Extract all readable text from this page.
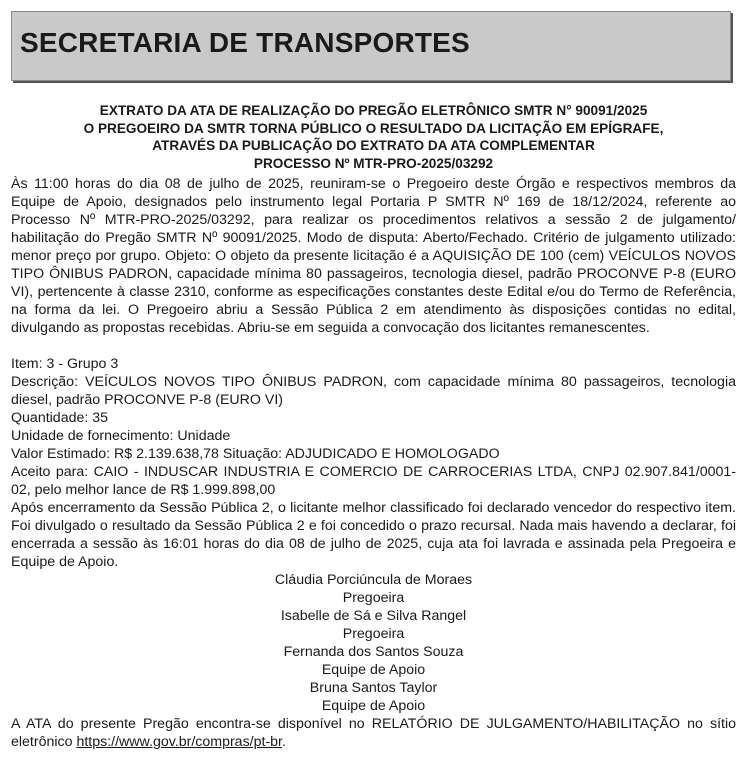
SECRETARIA DE TRANSPORTES
EXTRATO DA ATA DE REALIZAÇÃO DO PREGÃO ELETRÔNICO SMTR N° 90091/2025
O PREGOEIRO DA SMTR TORNA PÚBLICO O RESULTADO DA LICITAÇÃO EM EPÍGRAFE,
ATRAVÉS DA PUBLICAÇÃO DO EXTRATO DA ATA COMPLEMENTAR
PROCESSO Nº MTR-PRO-2025/03292
Às 11:00 horas do dia 08 de julho de 2025, reuniram-se o Pregoeiro deste Órgão e respectivos membros da Equipe de Apoio, designados pelo instrumento legal Portaria P SMTR Nº 169 de 18/12/2024, referente ao Processo Nº MTR-PRO-2025/03292, para realizar os procedimentos relativos a sessão 2 de julgamento/ habilitação do Pregão SMTR Nº 90091/2025. Modo de disputa: Aberto/Fechado. Critério de julgamento utilizado: menor preço por grupo. Objeto: O objeto da presente licitação é a AQUISIÇÃO DE 100 (cem) VEÍCULOS NOVOS TIPO ÔNIBUS PADRON, capacidade mínima 80 passageiros, tecnologia diesel, padrão PROCONVE P-8 (EURO VI), pertencente à classe 2310, conforme as especificações constantes deste Edital e/ou do Termo de Referência, na forma da lei. O Pregoeiro abriu a Sessão Pública 2 em atendimento às disposições contidas no edital, divulgando as propostas recebidas. Abriu-se em seguida a convocação dos licitantes remanescentes.
Item: 3 - Grupo 3
Descrição: VEÍCULOS NOVOS TIPO ÔNIBUS PADRON, com capacidade mínima 80 passageiros, tecnologia diesel, padrão PROCONVE P-8 (EURO VI)
Quantidade: 35
Unidade de fornecimento: Unidade
Valor Estimado: R$ 2.139.638,78 Situação: ADJUDICADO E HOMOLOGADO
Aceito para: CAIO - INDUSCAR INDUSTRIA E COMERCIO DE CARROCERIAS LTDA, CNPJ 02.907.841/0001-02, pelo melhor lance de R$ 1.999.898,00
Após encerramento da Sessão Pública 2, o licitante melhor classificado foi declarado vencedor do respectivo item. Foi divulgado o resultado da Sessão Pública 2 e foi concedido o prazo recursal. Nada mais havendo a declarar, foi encerrada a sessão às 16:01 horas do dia 08 de julho de 2025, cuja ata foi lavrada e assinada pela Pregoeira e Equipe de Apoio.
Cláudia Porciúncula de Moraes
Pregoeira
Isabelle de Sá e Silva Rangel
Pregoeira
Fernanda dos Santos Souza
Equipe de Apoio
Bruna Santos Taylor
Equipe de Apoio
A ATA do presente Pregão encontra-se disponível no RELATÓRIO DE JULGAMENTO/HABILITAÇÃO no sítio eletrônico https://www.gov.br/compras/pt-br.
